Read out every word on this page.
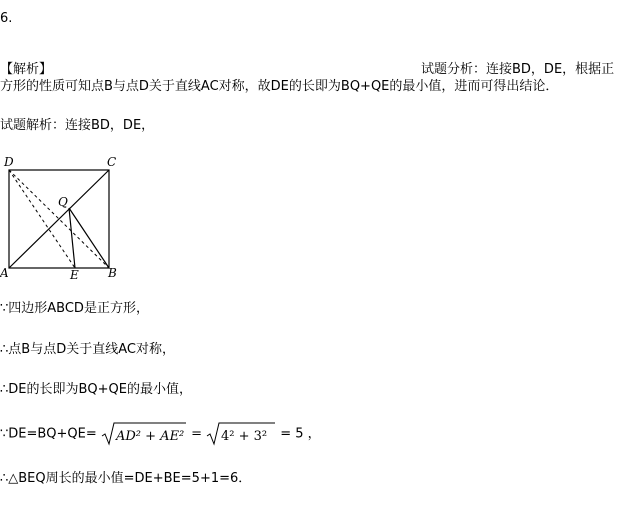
6.
【解析】	试题分析：连接BD，DE，根据正
方形的性质可知点B与点D关于直线AC对称，故DE的长即为BQ+QE的最小值，进而可得出结论．
试题解析：连接BD，DE，
D	C
Q
A	E B
∵四边形ABCD是正方形，
∴点B与点D关于直线AC对称，
∴DE的长即为BQ+QE的最小值，
∵DE=BQ+QE= AD² + AE² = 4² + 3² = 5 ，
∴△BEQ周长的最小值=DE+BE=5+1=6．
